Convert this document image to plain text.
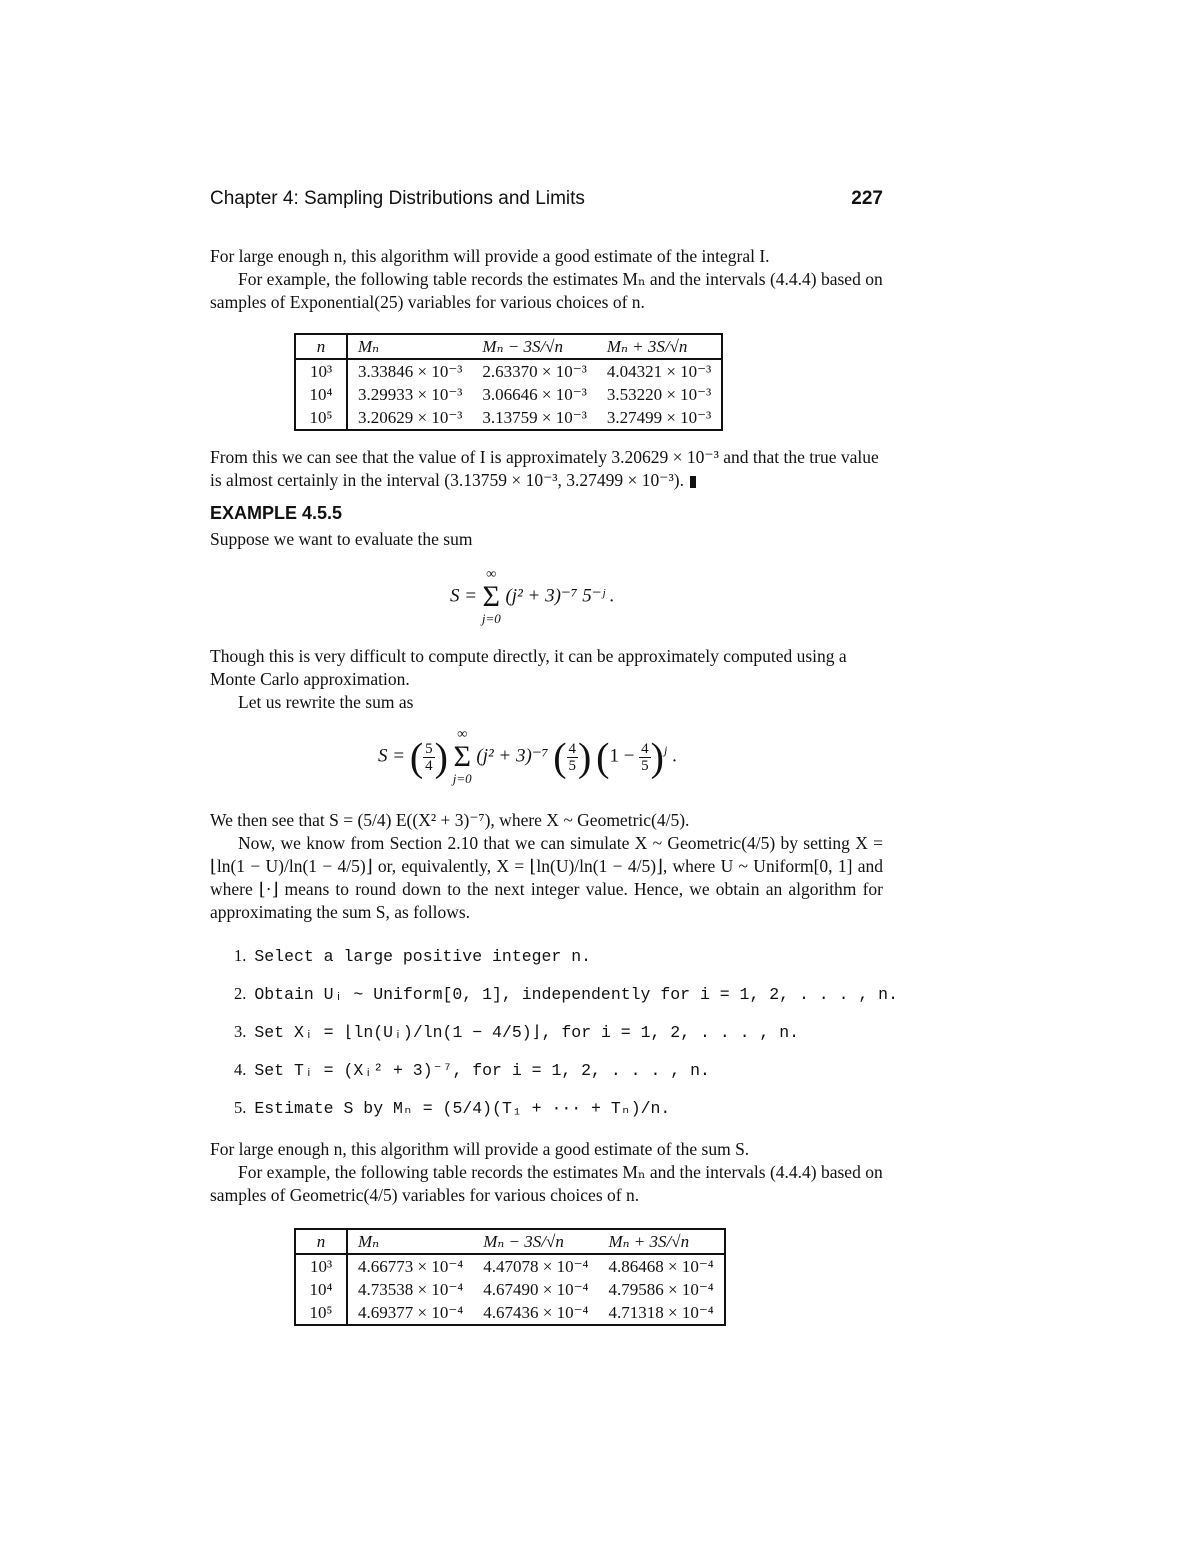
Chapter 4: Sampling Distributions and Limits	227
For large enough n, this algorithm will provide a good estimate of the integral I.
For example, the following table records the estimates Mₙ and the intervals (4.4.4) based on samples of Exponential(25) variables for various choices of n.
n	Mₙ	Mₙ − 3S/√n	Mₙ + 3S/√n
10³	3.33846 × 10⁻³	2.63370 × 10⁻³	4.04321 × 10⁻³
10⁴	3.29933 × 10⁻³	3.06646 × 10⁻³	3.53220 × 10⁻³
10⁵	3.20629 × 10⁻³	3.13759 × 10⁻³	3.27499 × 10⁻³
From this we can see that the value of I is approximately 3.20629 × 10⁻³ and that the true value is almost certainly in the interval (3.13759 × 10⁻³, 3.27499 × 10⁻³).
EXAMPLE 4.5.5
Suppose we want to evaluate the sum
S =
∞
Σ
j=0
(j² + 3)⁻⁷ 5⁻ʲ .
Though this is very difficult to compute directly, it can be approximately computed using a Monte Carlo approximation.
Let us rewrite the sum as
S = ( $\frac{5}{4}$ ) ∞
Σ
j=0
(j² + 3)⁻⁷ ( $\frac{4}{5}$ ) $(1 - \frac{4}{5} )^j$ .
We then see that S = (5/4) E((X² + 3)⁻⁷), where X ~ Geometric(4/5).
Now, we know from Section 2.10 that we can simulate X ~ Geometric(4/5) by setting X = ⌊ln(1 − U)/ln(1 − 4/5)⌋ or, equivalently, X = ⌊ln(U)/ln(1 − 4/5)⌋, where U ~ Uniform[0, 1] and where ⌊·⌋ means to round down to the next integer value. Hence, we obtain an algorithm for approximating the sum S, as follows.
1. Select a large positive integer n.
2. Obtain Uᵢ ~ Uniform[0, 1], independently for i = 1, 2, . . . , n.
3. Set Xᵢ = ⌊ln(Uᵢ)/ln(1 − 4/5)⌋, for i = 1, 2, . . . , n.
4. Set Tᵢ = (Xᵢ² + 3)⁻⁷, for i = 1, 2, . . . , n.
5. Estimate S by Mₙ = (5/4)(T₁ + ··· + Tₙ)/n.
For large enough n, this algorithm will provide a good estimate of the sum S.
For example, the following table records the estimates Mₙ and the intervals (4.4.4) based on samples of Geometric(4/5) variables for various choices of n.
n	Mₙ	Mₙ − 3S/√n	Mₙ + 3S/√n
10³	4.66773 × 10⁻⁴	4.47078 × 10⁻⁴	4.86468 × 10⁻⁴
10⁴	4.73538 × 10⁻⁴	4.67490 × 10⁻⁴	4.79586 × 10⁻⁴
10⁵	4.69377 × 10⁻⁴	4.67436 × 10⁻⁴	4.71318 × 10⁻⁴
